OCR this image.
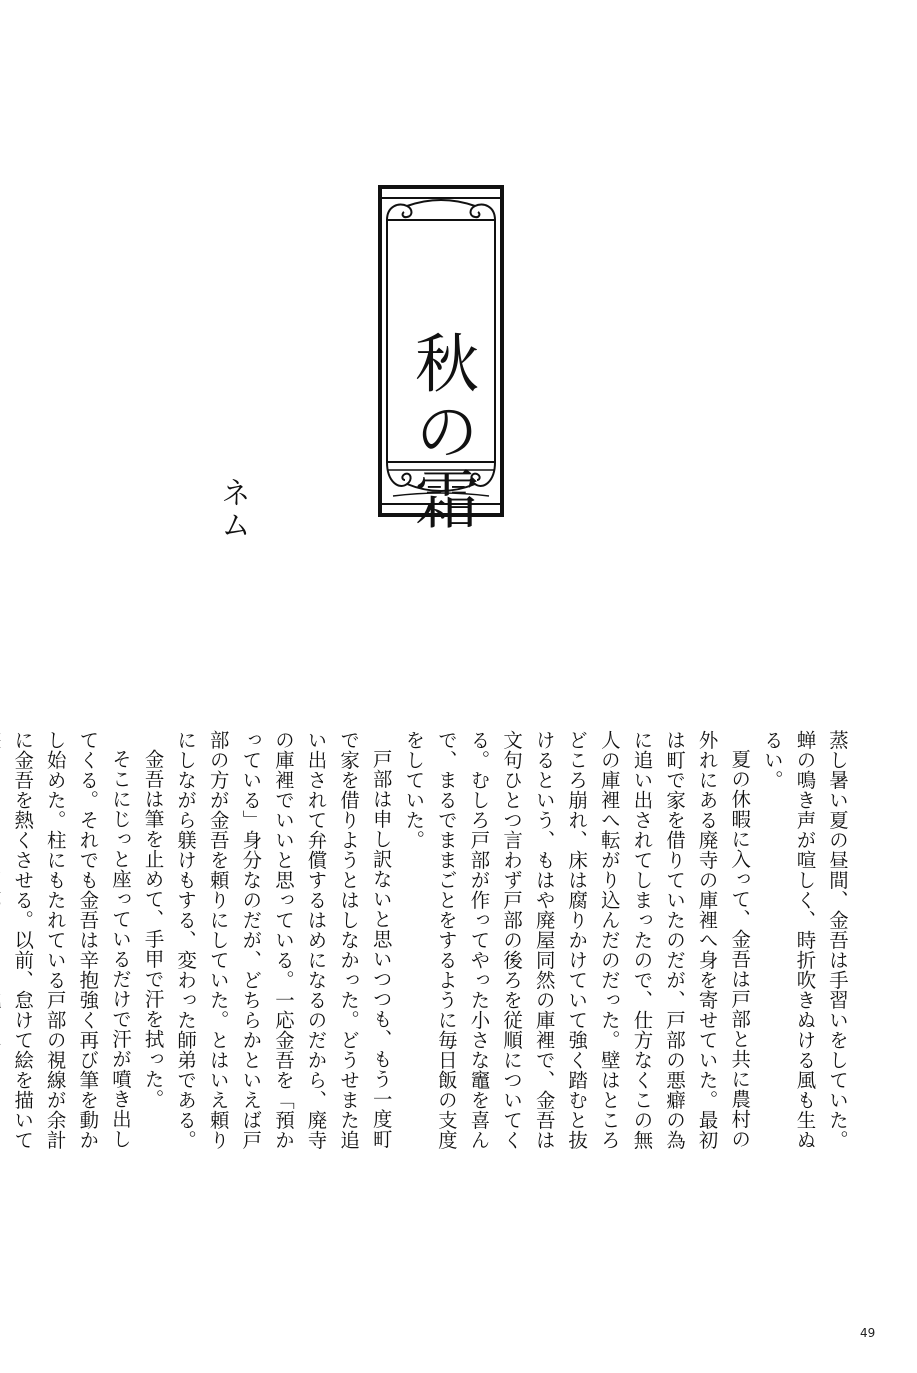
秋の霜
ネム

蒸し暑い夏の昼間、金吾は手習いをしていた。蝉の鳴き声が喧しく、時折吹きぬける風も生ぬるい。

夏の休暇に入って、金吾は戸部と共に農村の外れにある廃寺の庫裡へ身を寄せていた。最初は町で家を借りていたのだが、戸部の悪癖の為に追い出されてしまったので、仕方なくこの無人の庫裡へ転がり込んだのだった。壁はところどころ崩れ、床は腐りかけていて強く踏むと抜けるという、もはや廃屋同然の庫裡で、金吾は文句ひとつ言わず戸部の後ろを従順についてくる。むしろ戸部が作ってやった小さな竈を喜んで、まるでままごとをするように毎日飯の支度をしていた。

戸部は申し訳ないと思いつつも、もう一度町で家を借りようとはしなかった。どうせまた追い出されて弁償するはめになるのだから、廃寺の庫裡でいいと思っている。一応金吾を「預かっている」身分なのだが、どちらかといえば戸部の方が金吾を頼りにしていた。とはいえ頼りにしながら躾けもする、変わった師弟である。

金吾は筆を止めて、手甲で汗を拭った。

そこにじっと座っているだけで汗が噴き出してくる。それでも金吾は辛抱強く再び筆を動かし始めた。柱にもたれている戸部の視線が余計に金吾を熱くさせる。以前、怠けて絵を描いて

49
